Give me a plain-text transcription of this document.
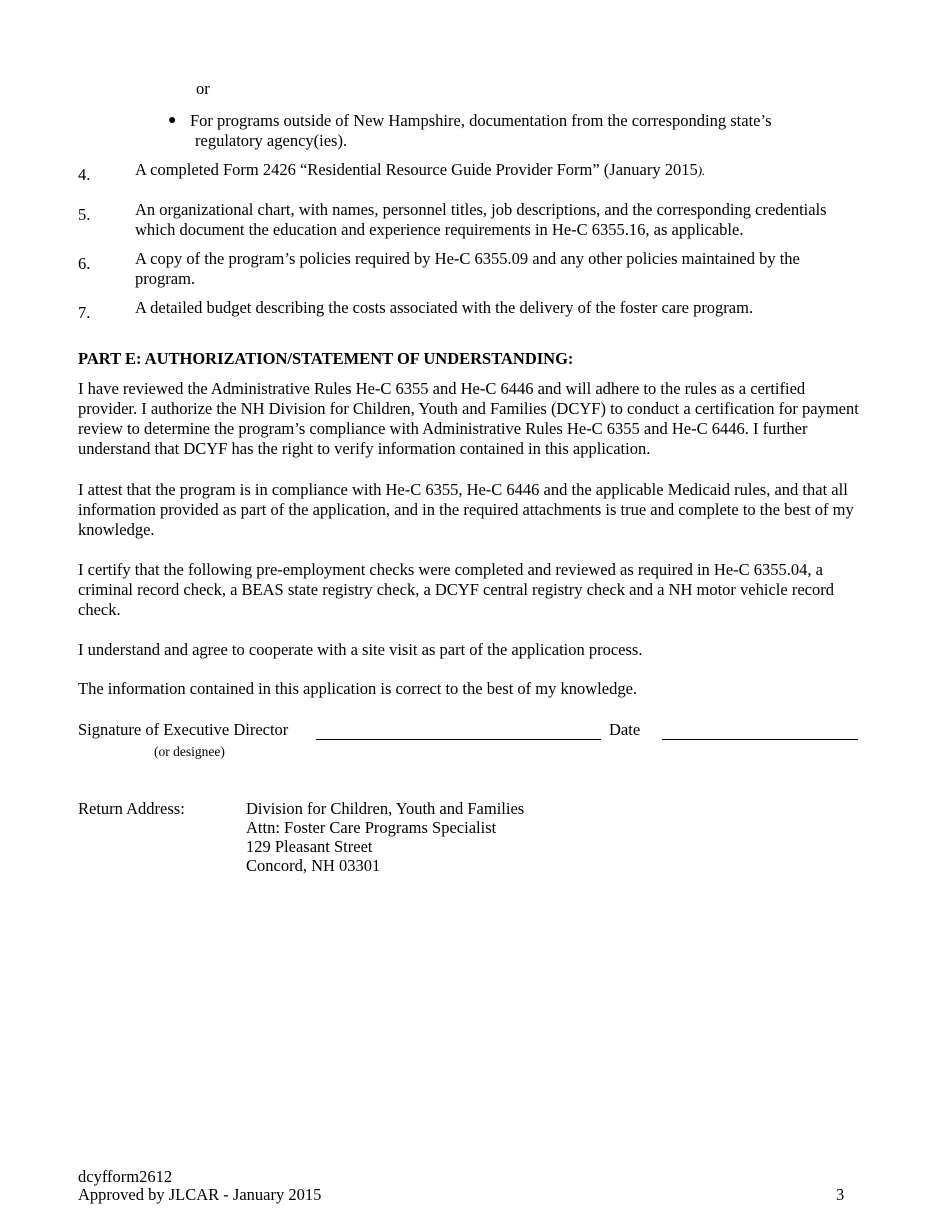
or
● For programs outside of New Hampshire, documentation from the corresponding state’s
regulatory agency(ies).
4.	A completed Form 2426 “Residential Resource Guide Provider Form” (January 2015).
5.	An organizational chart, with names, personnel titles, job descriptions, and the corresponding credentials which document the education and experience requirements in He-C 6355.16, as applicable.
6.	A copy of the program’s policies required by He-C 6355.09 and any other policies maintained by the program.
7.	A detailed budget describing the costs associated with the delivery of the foster care program.
PART E: AUTHORIZATION/STATEMENT OF UNDERSTANDING:
I have reviewed the Administrative Rules He-C 6355 and He-C 6446 and will adhere to the rules as a certified provider. I authorize the NH Division for Children, Youth and Families (DCYF) to conduct a certification for payment review to determine the program’s compliance with Administrative Rules He-C 6355 and He-C 6446. I further understand that DCYF has the right to verify information contained in this application.
I attest that the program is in compliance with He-C 6355, He-C 6446 and the applicable Medicaid rules, and that all information provided as part of the application, and in the required attachments is true and complete to the best of my knowledge.
I certify that the following pre-employment checks were completed and reviewed as required in He-C 6355.04, a criminal record check, a BEAS state registry check, a DCYF central registry check and a NH motor vehicle record check.
I understand and agree to cooperate with a site visit as part of the application process.
The information contained in this application is correct to the best of my knowledge.
Signature of Executive Director
(or designee)
Date
Return Address:	Division for Children, Youth and Families
Attn: Foster Care Programs Specialist
129 Pleasant Street
Concord, NH 03301
dcyfform2612
Approved by JLCAR - January 2015	3
